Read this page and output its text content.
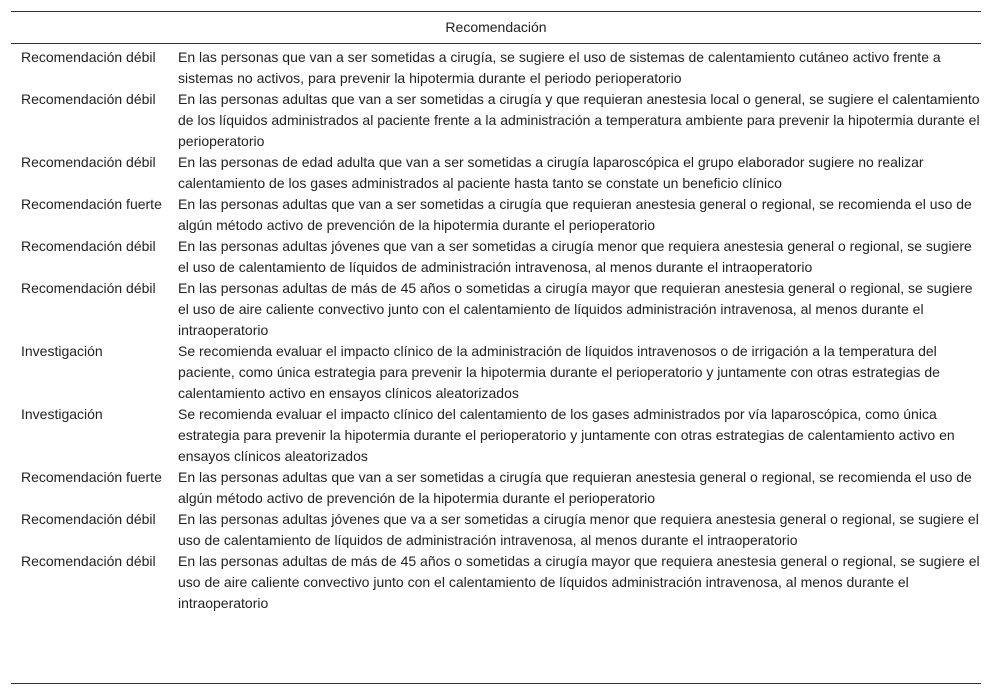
Recomendación	
Recomendación débil	En las personas que van a ser sometidas a cirugía, se sugiere el uso de sistemas de calentamiento cutáneo activo frente a sistemas no activos, para prevenir la hipotermia durante el periodo perioperatorio
Recomendación débil	En las personas adultas que van a ser sometidas a cirugía y que requieran anestesia local o general, se sugiere el calentamiento de los líquidos administrados al paciente frente a la administración a temperatura ambiente para prevenir la hipotermia durante el perioperatorio
Recomendación débil	En las personas de edad adulta que van a ser sometidas a cirugía laparoscópica el grupo elaborador sugiere no realizar calentamiento de los gases administrados al paciente hasta tanto se constate un beneficio clínico
Recomendación fuerte	En las personas adultas que van a ser sometidas a cirugía que requieran anestesia general o regional, se recomienda el uso de algún método activo de prevención de la hipotermia durante el perioperatorio
Recomendación débil	En las personas adultas jóvenes que van a ser sometidas a cirugía menor que requiera anestesia general o regional, se sugiere el uso de calentamiento de líquidos de administración intravenosa, al menos durante el intraoperatorio
Recomendación débil	En las personas adultas de más de 45 años o sometidas a cirugía mayor que requieran anestesia general o regional, se sugiere el uso de aire caliente convectivo junto con el calentamiento de líquidos administración intravenosa, al menos durante el intraoperatorio
Investigación	Se recomienda evaluar el impacto clínico de la administración de líquidos intravenosos o de irrigación a la temperatura del paciente, como única estrategia para prevenir la hipotermia durante el perioperatorio y juntamente con otras estrategias de calentamiento activo en ensayos clínicos aleatorizados
Investigación	Se recomienda evaluar el impacto clínico del calentamiento de los gases administrados por vía laparoscópica, como única estrategia para prevenir la hipotermia durante el perioperatorio y juntamente con otras estrategias de calentamiento activo en ensayos clínicos aleatorizados
Recomendación fuerte	En las personas adultas que van a ser sometidas a cirugía que requieran anestesia general o regional, se recomienda el uso de algún método activo de prevención de la hipotermia durante el perioperatorio
Recomendación débil	En las personas adultas jóvenes que va a ser sometidas a cirugía menor que requiera anestesia general o regional, se sugiere el uso de calentamiento de líquidos de administración intravenosa, al menos durante el intraoperatorio
Recomendación débil	En las personas adultas de más de 45 años o sometidas a cirugía mayor que requiera anestesia general o regional, se sugiere el uso de aire caliente convectivo junto con el calentamiento de líquidos administración intravenosa, al menos durante el intraoperatorio
